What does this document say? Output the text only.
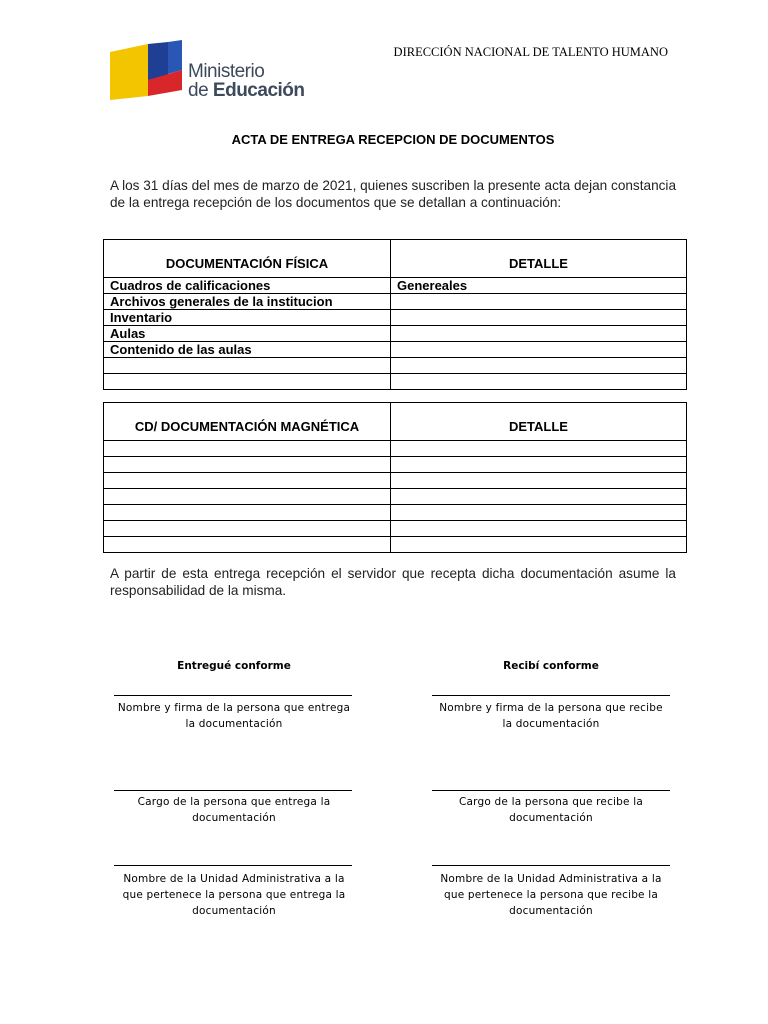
Ministerio
de Educación
DIRECCIÓN NACIONAL DE TALENTO HUMANO
ACTA DE ENTREGA RECEPCION DE DOCUMENTOS
A los 31 días del mes de marzo de 2021, quienes suscriben la presente acta dejan constancia de la entrega recepción de los documentos que se detallan a continuación:
DOCUMENTACIÓN FÍSICA	DETALLE
Cuadros de calificaciones	Genereales
Archivos generales de la institucion	
Inventario	
Aulas	
Contenido de las aulas	

CD/ DOCUMENTACIÓN MAGNÉTICA	DETALLE

A partir de esta entrega recepción el servidor que recepta dicha documentación asume la responsabilidad de la misma.
Entregué conforme
Nombre y firma de la persona que entrega
la documentación
Cargo de la persona que entrega la
documentación
Nombre de la Unidad Administrativa a la
que pertenece la persona que entrega la
documentación
Recibí conforme
Nombre y firma de la persona que recibe
la documentación
Cargo de la persona que recibe la
documentación
Nombre de la Unidad Administrativa a la
que pertenece la persona que recibe la
documentación
